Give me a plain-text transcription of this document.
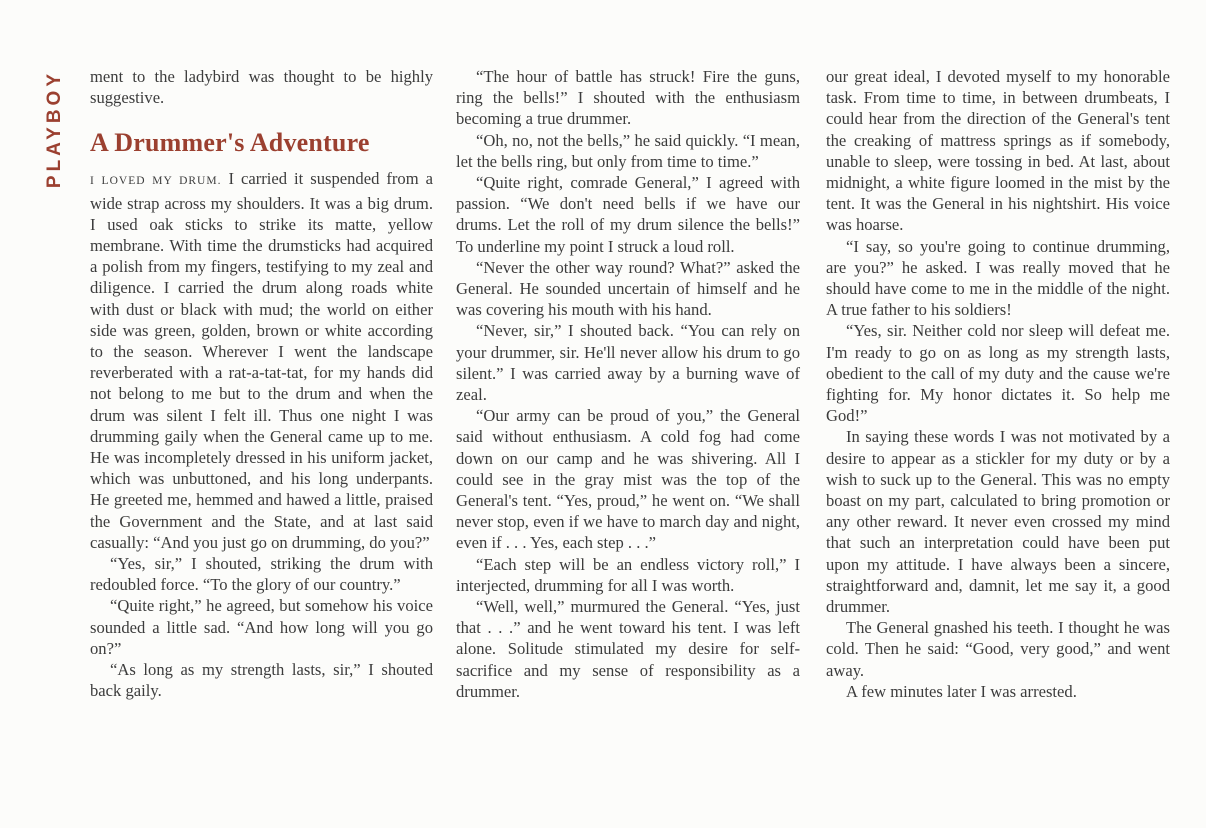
PLAYBOY ment to the ladybird was thought to be highly suggestive.

A Drummer's Adventure

I LOVED MY DRUM. I carried it suspended from a wide strap across my shoulders. It was a big drum. I used oak sticks to strike its matte, yellow membrane. With time the drumsticks had acquired a polish from my fingers, testifying to my zeal and diligence. I carried the drum along roads white with dust or black with mud; the world on either side was green, golden, brown or white according to the season. Wherever I went the landscape reverberated with a rat-a-tat-tat, for my hands did not belong to me but to the drum and when the drum was silent I felt ill. Thus one night I was drumming gaily when the General came up to me. He was incompletely dressed in his uniform jacket, which was unbuttoned, and his long underpants. He greeted me, hemmed and hawed a little, praised the Government and the State, and at last said casually: “And you just go on drumming, do you?”

“Yes, sir,” I shouted, striking the drum with redoubled force. “To the glory of our country.”

“Quite right,” he agreed, but somehow his voice sounded a little sad. “And how long will you go on?”

“As long as my strength lasts, sir,” I shouted back gaily.

“The hour of battle has struck! Fire the guns, ring the bells!” I shouted with the enthusiasm becoming a true drummer.

“Oh, no, not the bells,” he said quickly. “I mean, let the bells ring, but only from time to time.”

“Quite right, comrade General,” I agreed with passion. “We don't need bells if we have our drums. Let the roll of my drum silence the bells!” To underline my point I struck a loud roll.

“Never the other way round? What?” asked the General. He sounded uncertain of himself and he was covering his mouth with his hand.

“Never, sir,” I shouted back. “You can rely on your drummer, sir. He'll never allow his drum to go silent.” I was carried away by a burning wave of zeal.

“Our army can be proud of you,” the General said without enthusiasm. A cold fog had come down on our camp and he was shivering. All I could see in the gray mist was the top of the General's tent. “Yes, proud,” he went on. “We shall never stop, even if we have to march day and night, even if . . . Yes, each step . . .”

“Each step will be an endless victory roll,” I interjected, drumming for all I was worth.

“Well, well,” murmured the General. “Yes, just that . . .” and he went toward his tent. I was left alone. Solitude stimulated my desire for self-sacrifice and my sense of responsibility as a drummer.

our great ideal, I devoted myself to my honorable task. From time to time, in between drumbeats, I could hear from the direction of the General's tent the creaking of mattress springs as if somebody, unable to sleep, were tossing in bed. At last, about midnight, a white figure loomed in the mist by the tent. It was the General in his nightshirt. His voice was hoarse.

“I say, so you're going to continue drumming, are you?” he asked. I was really moved that he should have come to me in the middle of the night. A true father to his soldiers!

“Yes, sir. Neither cold nor sleep will defeat me. I'm ready to go on as long as my strength lasts, obedient to the call of my duty and the cause we're fighting for. My honor dictates it. So help me God!”

In saying these words I was not motivated by a desire to appear as a stickler for my duty or by a wish to suck up to the General. This was no empty boast on my part, calculated to bring promotion or any other reward. It never even crossed my mind that such an interpretation could have been put upon my attitude. I have always been a sincere, straightforward and, damnit, let me say it, a good drummer.

The General gnashed his teeth. I thought he was cold. Then he said: “Good, very good,” and went away.

A few minutes later I was arrested.
